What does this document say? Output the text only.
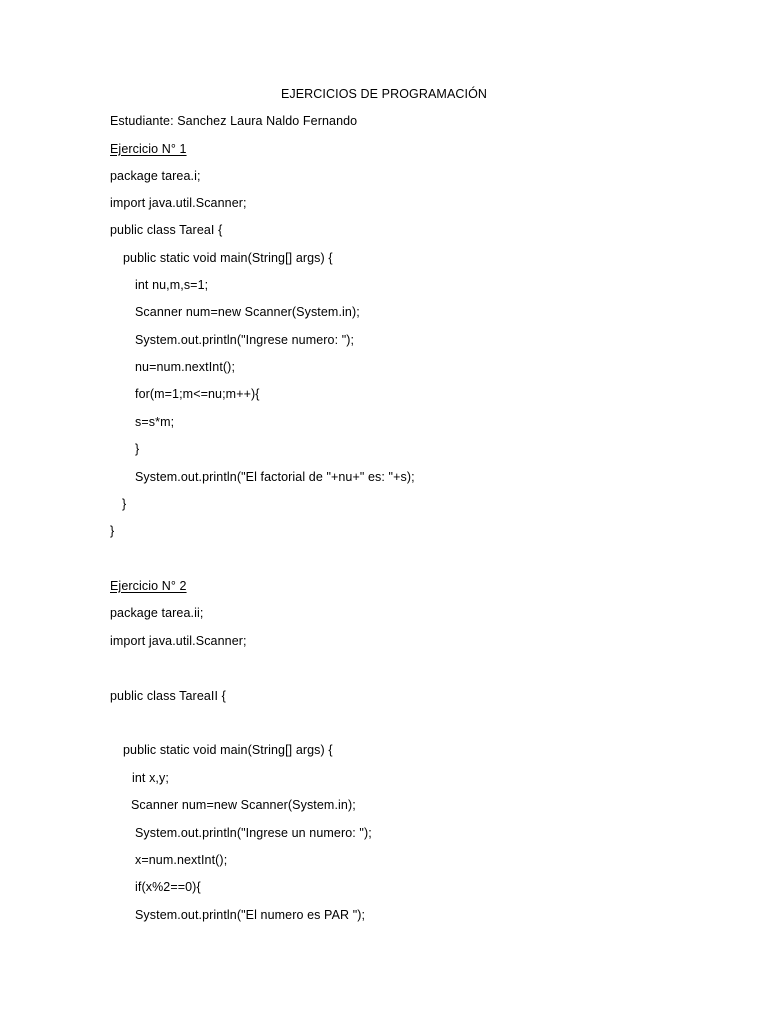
EJERCICIOS DE PROGRAMACIÓN
Estudiante: Sanchez Laura Naldo Fernando
Ejercicio N° 1
package tarea.i;
import java.util.Scanner;
public class TareaI {
public static void main(String[] args) {
int nu,m,s=1;
Scanner num=new Scanner(System.in);
System.out.println("Ingrese numero: ");
nu=num.nextInt();
for(m=1;m<=nu;m++){
s=s*m;
}
System.out.println("El factorial de "+nu+" es: "+s);
}
}
Ejercicio N° 2
package tarea.ii;
import java.util.Scanner;
public class TareaII {
public static void main(String[] args) {
int x,y;
Scanner num=new Scanner(System.in);
System.out.println("Ingrese un numero: ");
x=num.nextInt();
if(x%2==0){
System.out.println("El numero es PAR ");
